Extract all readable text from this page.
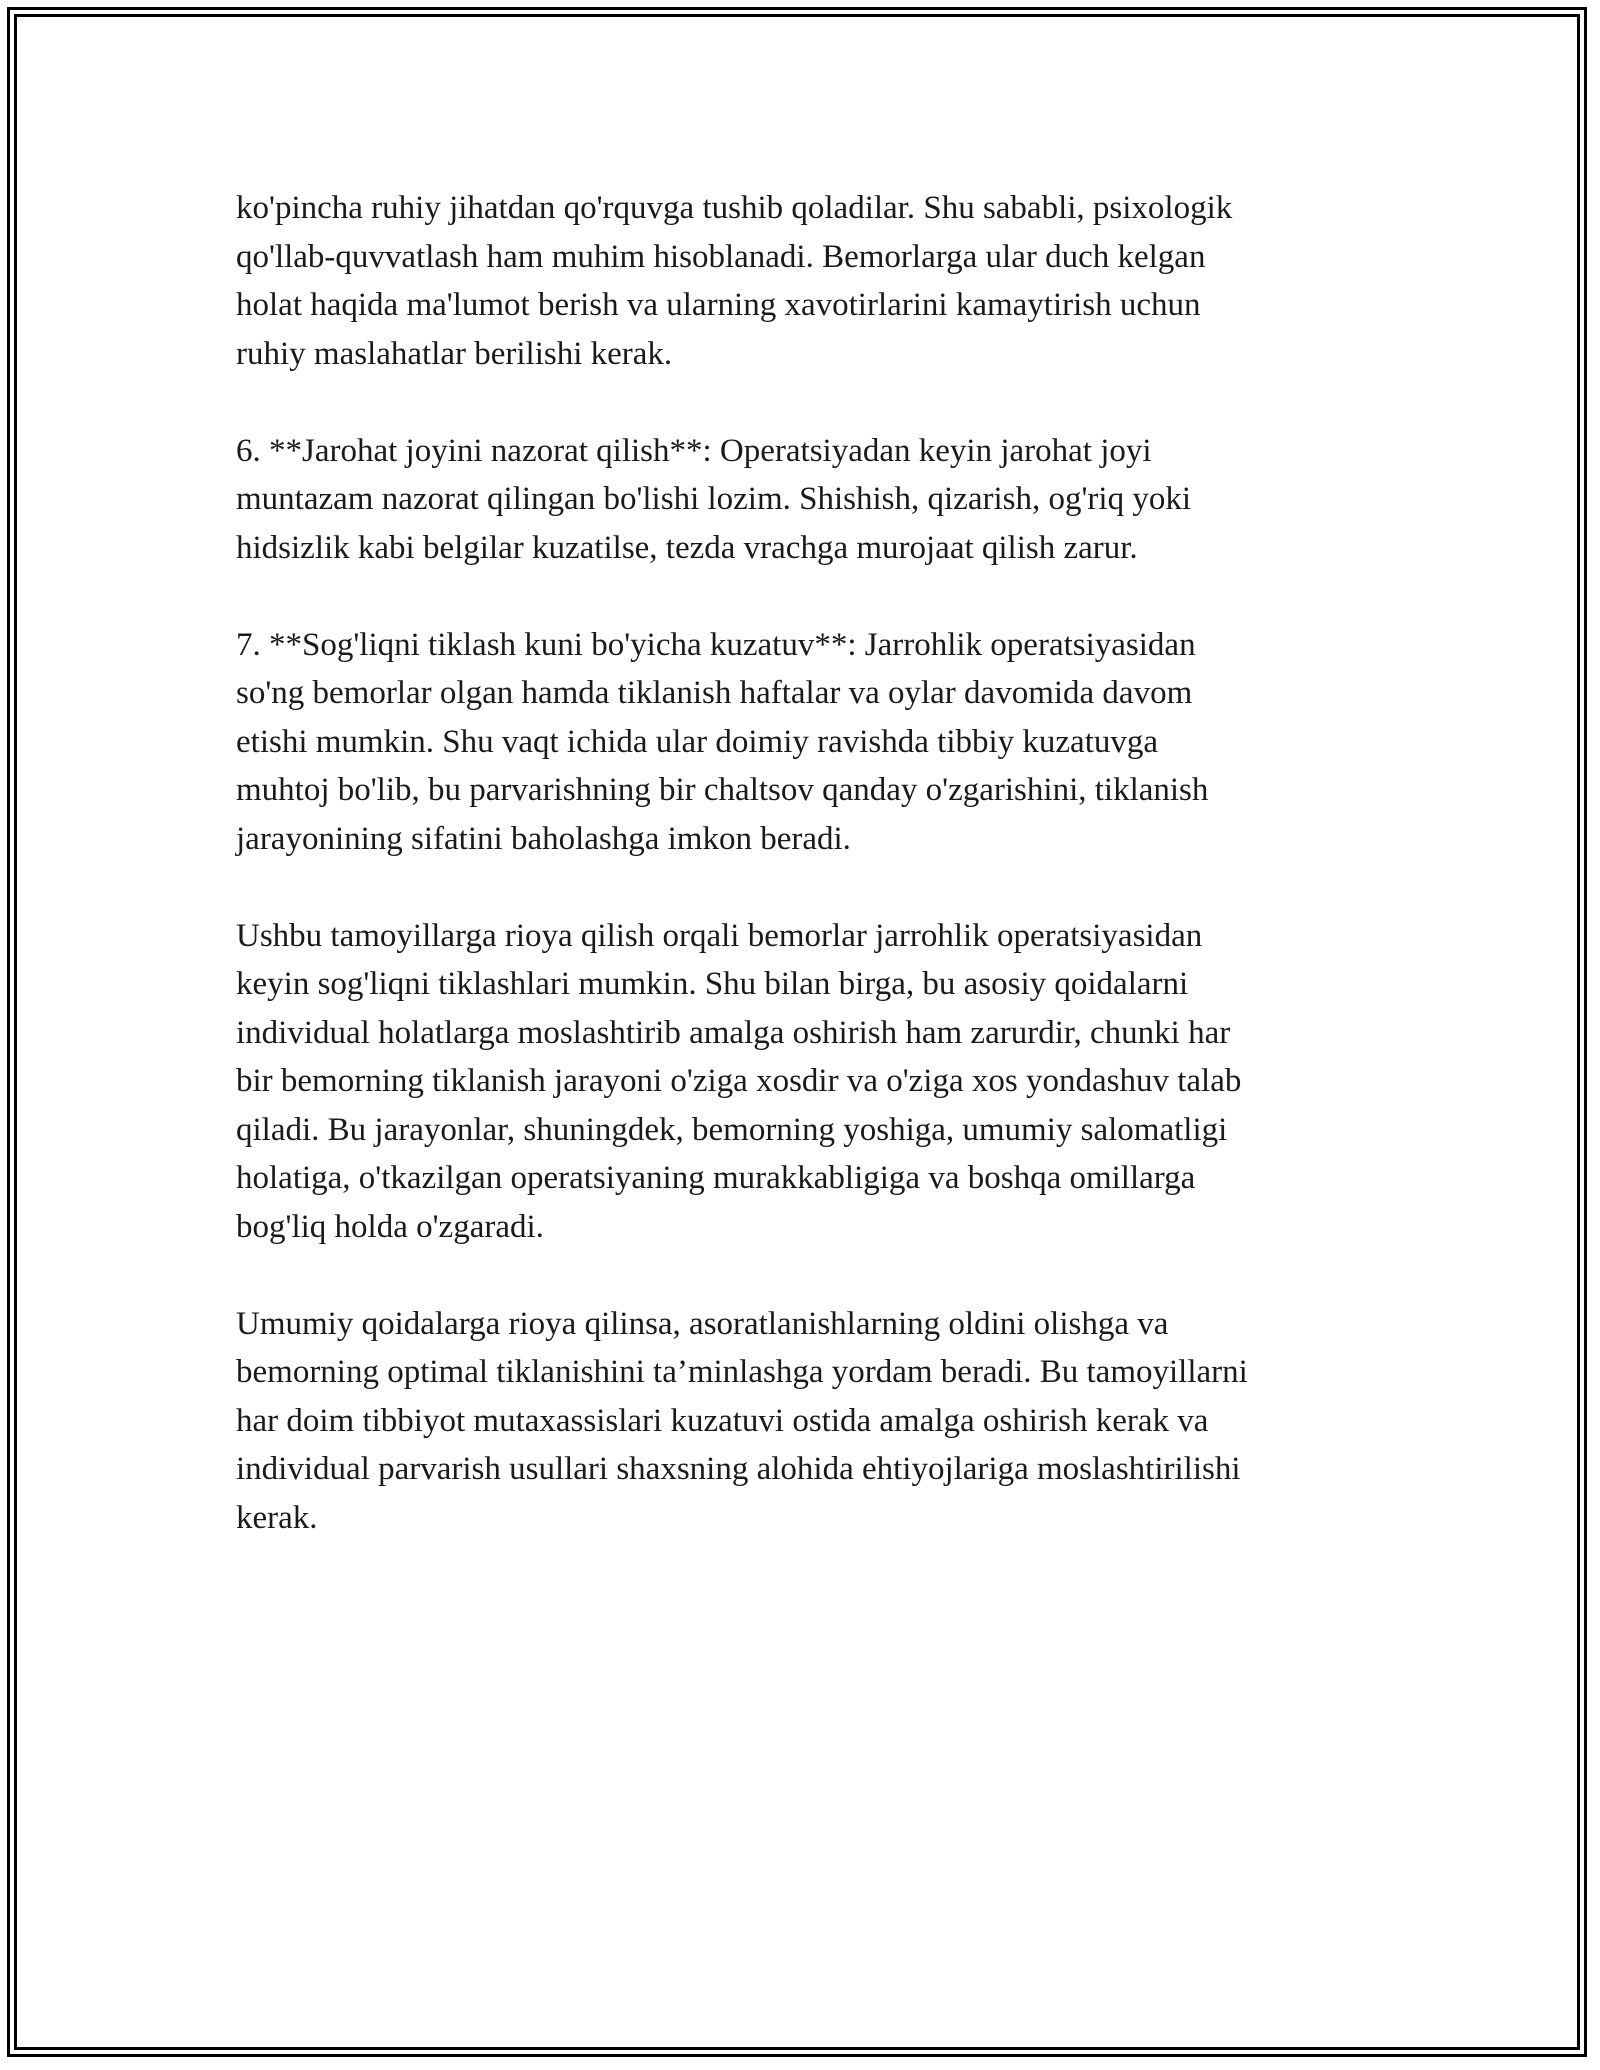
ko'pincha ruhiy jihatdan qo'rquvga tushib qoladilar. Shu sababli, psixologik
qo'llab-quvvatlash ham muhim hisoblanadi. Bemorlarga ular duch kelgan
holat haqida ma'lumot berish va ularning xavotirlarini kamaytirish uchun
ruhiy maslahatlar berilishi kerak.

6. **Jarohat joyini nazorat qilish**: Operatsiyadan keyin jarohat joyi
muntazam nazorat qilingan bo'lishi lozim. Shishish, qizarish, og'riq yoki
hidsizlik kabi belgilar kuzatilse, tezda vrachga murojaat qilish zarur.

7. **Sog'liqni tiklash kuni bo'yicha kuzatuv**: Jarrohlik operatsiyasidan
so'ng bemorlar olgan hamda tiklanish haftalar va oylar davomida davom
etishi mumkin. Shu vaqt ichida ular doimiy ravishda tibbiy kuzatuvga
muhtoj bo'lib, bu parvarishning bir chaltsov qanday o'zgarishini, tiklanish
jarayonining sifatini baholashga imkon beradi.

Ushbu tamoyillarga rioya qilish orqali bemorlar jarrohlik operatsiyasidan
keyin sog'liqni tiklashlari mumkin. Shu bilan birga, bu asosiy qoidalarni
individual holatlarga moslashtirib amalga oshirish ham zarurdir, chunki har
bir bemorning tiklanish jarayoni o'ziga xosdir va o'ziga xos yondashuv talab
qiladi. Bu jarayonlar, shuningdek, bemorning yoshiga, umumiy salomatligi
holatiga, o'tkazilgan operatsiyaning murakkabligiga va boshqa omillarga
bog'liq holda o'zgaradi.

Umumiy qoidalarga rioya qilinsa, asoratlanishlarning oldini olishga va
bemorning optimal tiklanishini ta’minlashga yordam beradi. Bu tamoyillarni
har doim tibbiyot mutaxassislari kuzatuvi ostida amalga oshirish kerak va
individual parvarish usullari shaxsning alohida ehtiyojlariga moslashtirilishi
kerak.
